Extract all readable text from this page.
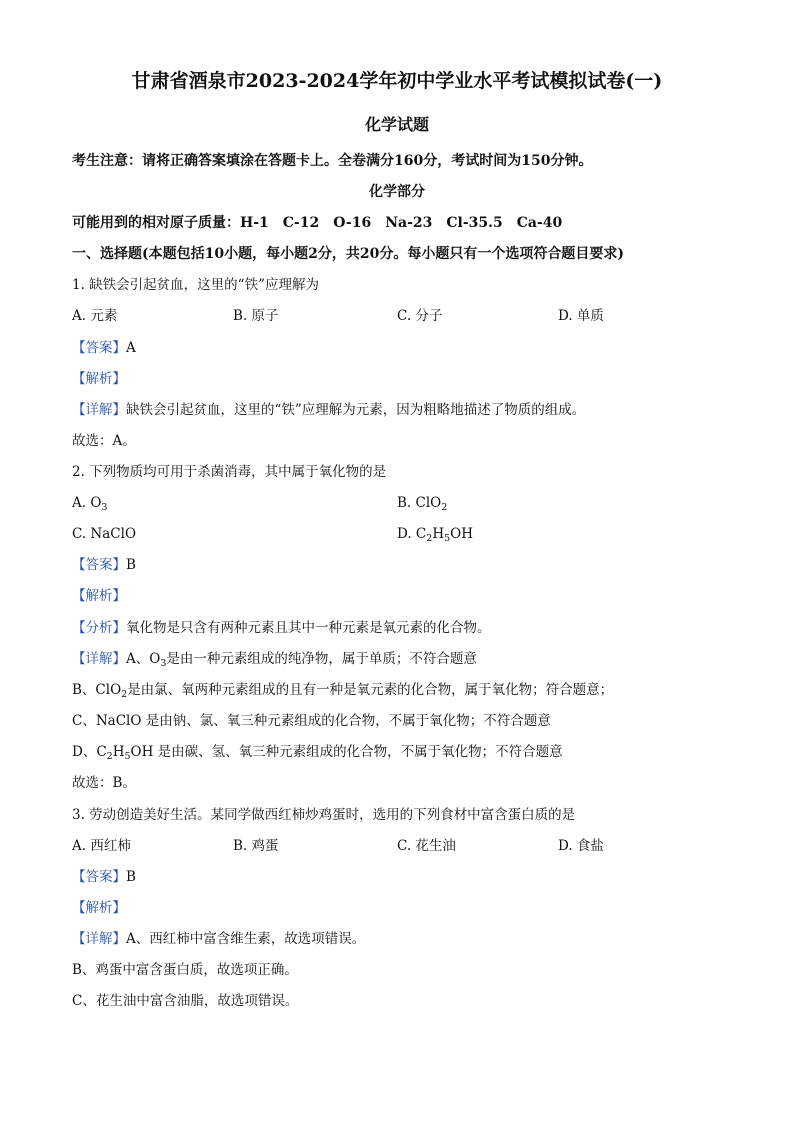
甘肃省酒泉市2023-2024学年初中学业水平考试模拟试卷(一)
化学试题
考生注意：请将正确答案填涂在答题卡上。全卷满分160分，考试时间为150分钟。
化学部分
可能用到的相对原子质量：H-1　C-12　O-16　Na-23　Cl-35.5　Ca-40
一、选择题(本题包括10小题，每小题2分，共20分。每小题只有一个选项符合题目要求)
1. 缺铁会引起贫血，这里的“铁”应理解为
A. 元素	B. 原子	C. 分子	D. 单质
【答案】A
【解析】
【详解】缺铁会引起贫血，这里的“铁”应理解为元素，因为粗略地描述了物质的组成。
故选：A。
2. 下列物质均可用于杀菌消毒，其中属于氧化物的是
A. $O_3$	B. ClO$_2$
C. NaClO	D. $C_2H_5OH$
【答案】B
【解析】
【分析】氧化物是只含有两种元素且其中一种元素是氧元素的化合物。
【详解】A、$O_3$是由一种元素组成的纯净物，属于单质；不符合题意
B、ClO$_2$是由氯、氧两种元素组成的且有一种是氧元素的化合物，属于氧化物；符合题意；
C、NaClO 是由钠、氯、氧三种元素组成的化合物，不属于氧化物；不符合题意
D、$C_2H_5OH$ 是由碳、氢、氧三种元素组成的化合物，不属于氧化物；不符合题意
故选：B。
3. 劳动创造美好生活。某同学做西红柿炒鸡蛋时，选用的下列食材中富含蛋白质的是
A. 西红柿	B. 鸡蛋	C. 花生油	D. 食盐
【答案】B
【解析】
【详解】A、西红柿中富含维生素，故选项错误。
B、鸡蛋中富含蛋白质，故选项正确。
C、花生油中富含油脂，故选项错误。
